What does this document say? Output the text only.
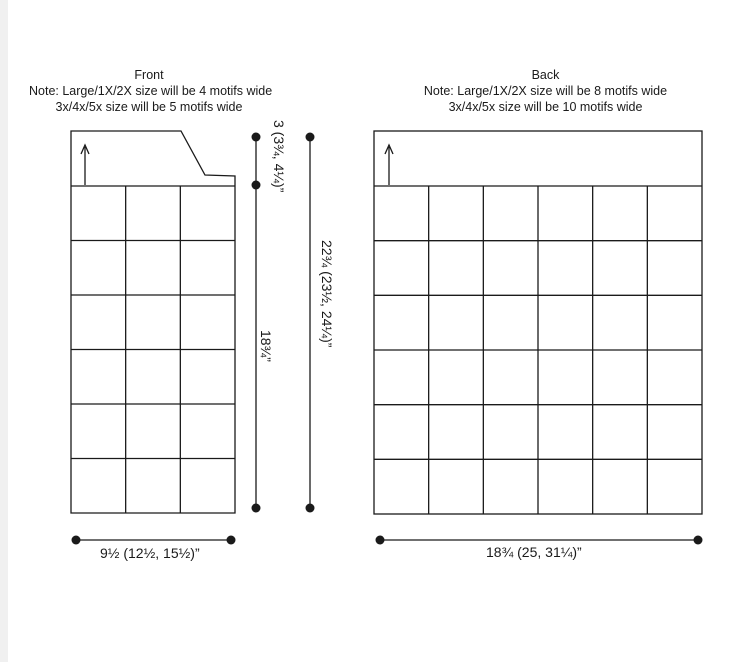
Front
Note: Large/1X/2X size will be 4 motifs wide
3x/4x/5x size will be 5 motifs wide
Back
Note: Large/1X/2X size will be 8 motifs wide
3x/4x/5x size will be 10 motifs wide
9½ (12½, 15½)”	18¾ (25, 31¼)”
3 (3¾, 4¼)”
18¾”	22¾ (23½, 24¼)”
